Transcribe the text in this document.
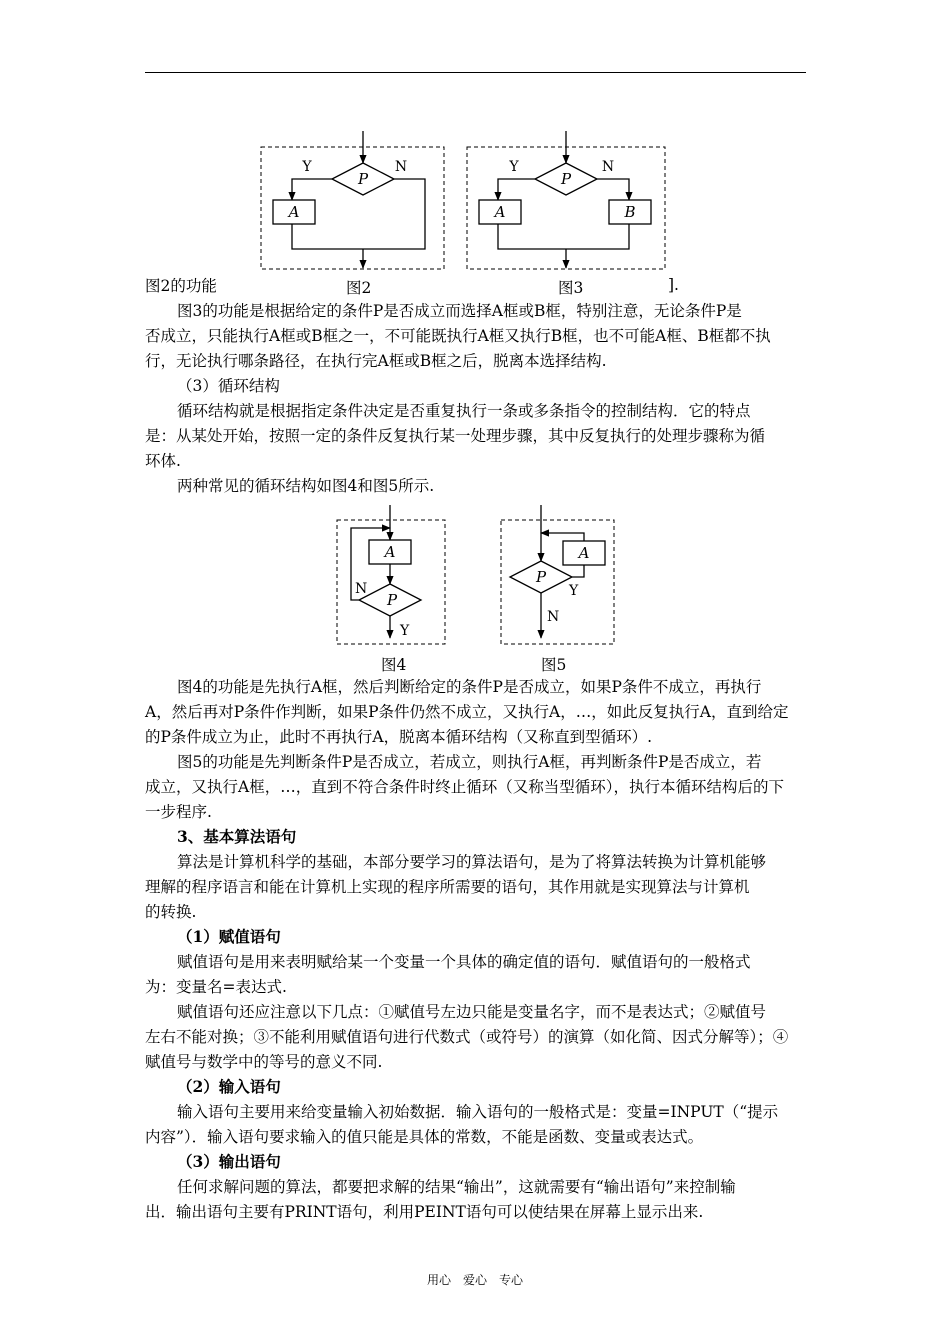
P
Y	N
A
P
Y	N
A	B
图2的功能	图2	图3	].
图3的功能是根据给定的条件P是否成立而选择A框或B框，特别注意，无论条件P是
否成立，只能执行A框或B框之一，不可能既执行A框又执行B框，也不可能A框、B框都不执
行，无论执行哪条路径，在执行完A框或B框之后，脱离本选择结构.
（3）循环结构
循环结构就是根据指定条件决定是否重复执行一条或多条指令的控制结构．它的特点
是：从某处开始，按照一定的条件反复执行某一处理步骤，其中反复执行的处理步骤称为循
环体.
两种常见的循环结构如图4和图5所示.
A
P
N
Y
P
A
Y
N
图4	图5
图4的功能是先执行A框，然后判断给定的条件P是否成立，如果P条件不成立，再执行
A，然后再对P条件作判断，如果P条件仍然不成立，又执行A，…，如此反复执行A，直到给定
的P条件成立为止，此时不再执行A，脱离本循环结构（又称直到型循环）.
图5的功能是先判断条件P是否成立，若成立，则执行A框，再判断条件P是否成立，若
成立，又执行A框，…，直到不符合条件时终止循环（又称当型循环），执行本循环结构后的下
一步程序.
3、基本算法语句
算法是计算机科学的基础，本部分要学习的算法语句，是为了将算法转换为计算机能够
理解的程序语言和能在计算机上实现的程序所需要的语句，其作用就是实现算法与计算机
的转换.
（1）赋值语句
赋值语句是用来表明赋给某一个变量一个具体的确定值的语句．赋值语句的一般格式
为：变量名=表达式.
赋值语句还应注意以下几点：①赋值号左边只能是变量名字，而不是表达式；②赋值号
左右不能对换；③不能利用赋值语句进行代数式（或符号）的演算（如化简、因式分解等）；④
赋值号与数学中的等号的意义不同.
（2）输入语句
输入语句主要用来给变量输入初始数据．输入语句的一般格式是：变量=INPUT（“提示
内容”）．输入语句要求输入的值只能是具体的常数，不能是函数、变量或表达式。
（3）输出语句
任何求解问题的算法，都要把求解的结果“输出”，这就需要有“输出语句”来控制输
出．输出语句主要有PRINT语句，利用PEINT语句可以使结果在屏幕上显示出来.
用心　爱心　专心
